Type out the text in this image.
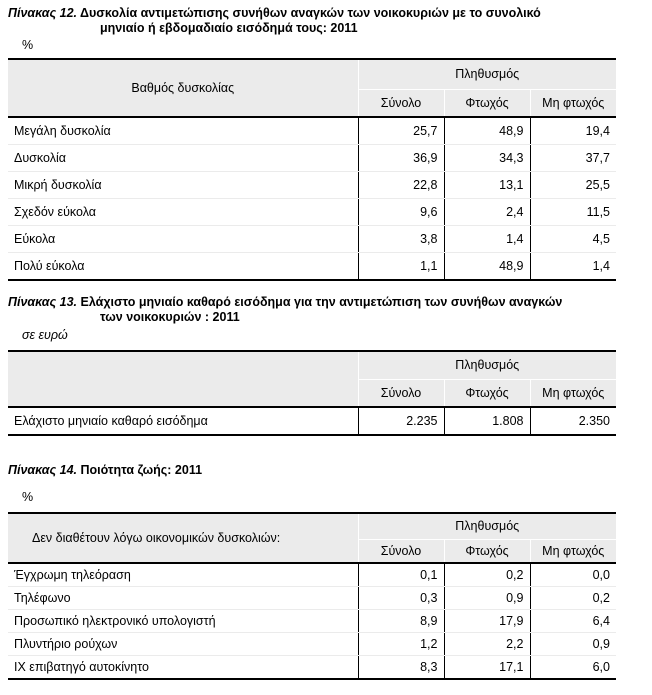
Πίνακας 12. Δυσκολία αντιμετώπισης συνήθων αναγκών των νοικοκυριών με το συνολικό
μηνιαίο ή εβδομαδιαίο εισόδημά τους: 2011
%
Βαθμός δυσκολίας	Πληθυσμός		
	Σύνολο	Φτωχός	Μη φτωχός
Μεγάλη δυσκολία	25,7	48,9	19,4
Δυσκολία	36,9	34,3	37,7
Μικρή δυσκολία	22,8	13,1	25,5
Σχεδόν εύκολα	9,6	2,4	11,5
Εύκολα	3,8	1,4	4,5
Πολύ εύκολα	1,1	48,9	1,4
Πίνακας 13. Ελάχιστο μηνιαίο καθαρό εισόδημα για την αντιμετώπιση των συνήθων αναγκών
των νοικοκυριών : 2011
σε ευρώ
	Πληθυσμός		
	Σύνολο	Φτωχός	Μη φτωχός
Ελάχιστο μηνιαίο καθαρό εισόδημα	2.235	1.808	2.350
Πίνακας 14. Ποιότητα ζωής: 2011
%
Δεν διαθέτουν λόγω οικονομικών δυσκολιών:	Πληθυσμός		
	Σύνολο	Φτωχός	Μη φτωχός
Έγχρωμη τηλεόραση	0,1	0,2	0,0
Τηλέφωνο	0,3	0,9	0,2
Προσωπικό ηλεκτρονικό υπολογιστή	8,9	17,9	6,4
Πλυντήριο ρούχων	1,2	2,2	0,9
ΙΧ επιβατηγό αυτοκίνητο	8,3	17,1	6,0
